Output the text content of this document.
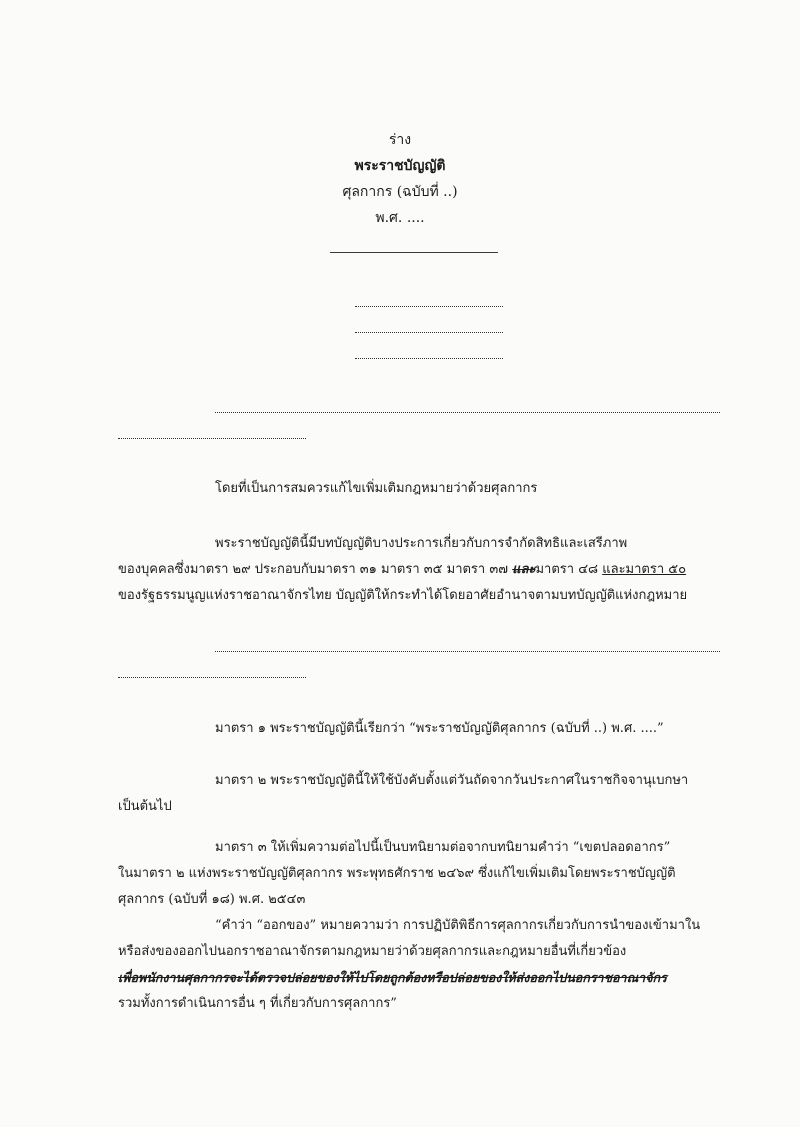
ร่าง
พระราชบัญญัติ
ศุลกากร (ฉบับที่ ..)
พ.ศ. ....
โดยที่เป็นการสมควรแก้ไขเพิ่มเติมกฎหมายว่าด้วยศุลกากร
พระราชบัญญัตินี้มีบทบัญญัติบางประการเกี่ยวกับการจำกัดสิทธิและเสรีภาพ
ของบุคคลซึ่งมาตรา ๒๙ ประกอบกับมาตรา ๓๑ มาตรา ๓๕ มาตรา ๓๗ และมาตรา ๔๘ และมาตรา ๕๐
ของรัฐธรรมนูญแห่งราชอาณาจักรไทย บัญญัติให้กระทำได้โดยอาศัยอำนาจตามบทบัญญัติแห่งกฎหมาย
มาตรา ๑ พระราชบัญญัตินี้เรียกว่า “พระราชบัญญัติศุลกากร (ฉบับที่ ..) พ.ศ. ....”
มาตรา ๒ พระราชบัญญัตินี้ให้ใช้บังคับตั้งแต่วันถัดจากวันประกาศในราชกิจจานุเบกษา
เป็นต้นไป
มาตรา ๓ ให้เพิ่มความต่อไปนี้เป็นบทนิยามต่อจากบทนิยามคำว่า “เขตปลอดอากร”
ในมาตรา ๒ แห่งพระราชบัญญัติศุลกากร พระพุทธศักราช ๒๔๖๙ ซึ่งแก้ไขเพิ่มเติมโดยพระราชบัญญัติ
ศุลกากร (ฉบับที่ ๑๘) พ.ศ. ๒๕๔๓
“คำว่า “ออกของ” หมายความว่า การปฏิบัติพิธีการศุลกากรเกี่ยวกับการนำของเข้ามาใน
หรือส่งของออกไปนอกราชอาณาจักรตามกฎหมายว่าด้วยศุลกากรและกฎหมายอื่นที่เกี่ยวข้อง
เพื่อพนักงานศุลกากรจะได้ตรวจปล่อยของให้ไปโดยถูกต้องหรือปล่อยของให้ส่งออกไปนอกราชอาณาจักร
รวมทั้งการดำเนินการอื่น ๆ ที่เกี่ยวกับการศุลกากร”
